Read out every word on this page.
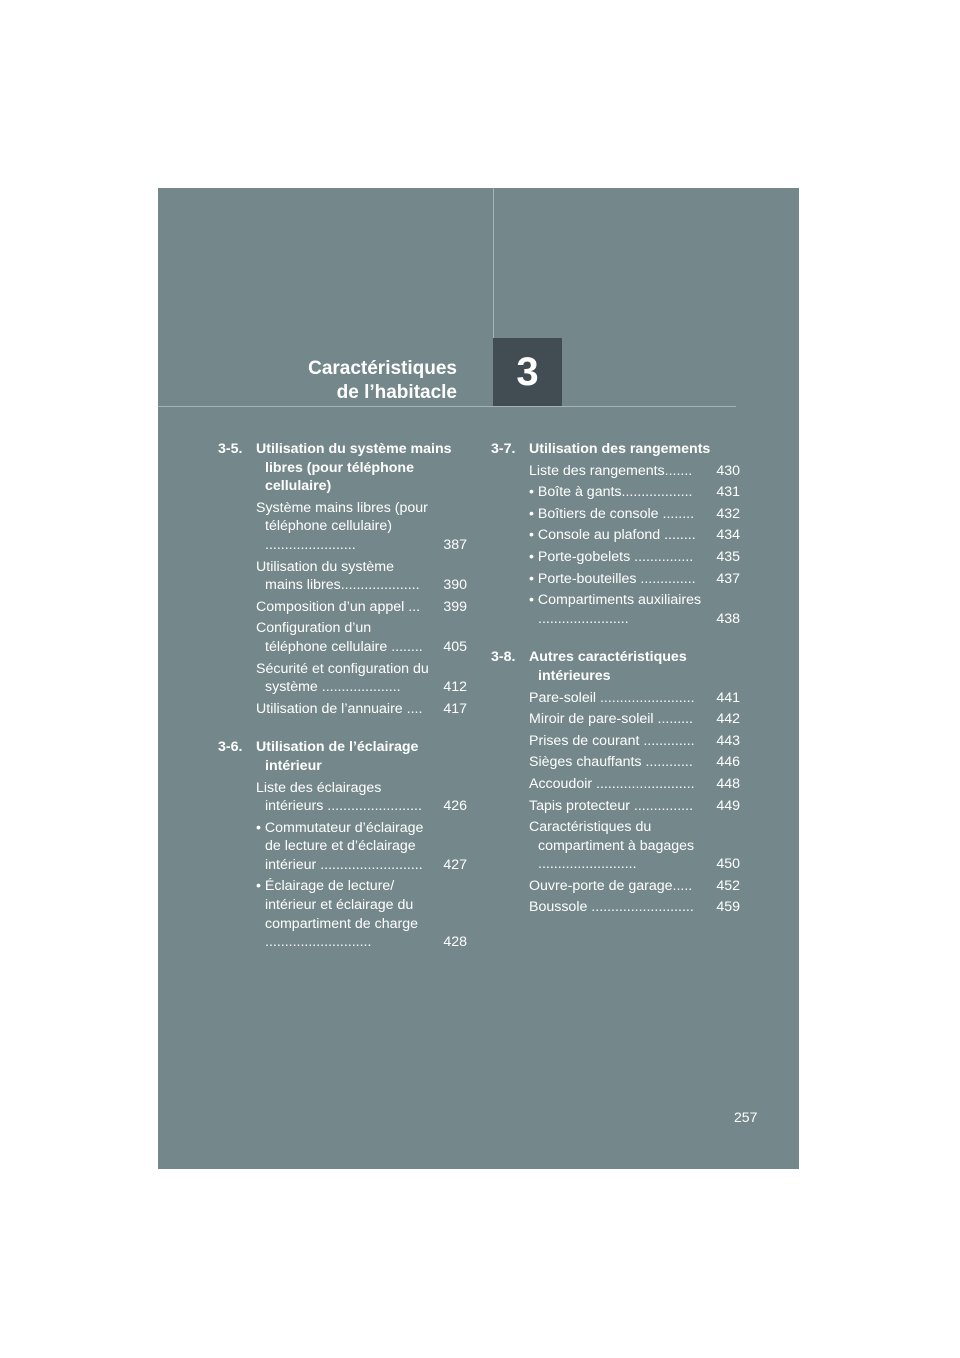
Caractéristiques
de l’habitacle 3
3-5. Utilisation du système mains libres (pour téléphone cellulaire)
Système mains libres (pour téléphone cellulaire) .......................	387
Utilisation du système mains libres....................	390
Composition d’un appel ...	399
Configuration d’un téléphone cellulaire ........	405
Sécurité et configuration du système ....................	412
Utilisation de l’annuaire ....	417
3-6. Utilisation de l’éclairage intérieur
Liste des éclairages intérieurs ........................	426
• Commutateur d’éclairage de lecture et d’éclairage intérieur ..........................	427
• Éclairage de lecture/ intérieur et éclairage du compartiment de charge ...........................	428
3-7. Utilisation des rangements
Liste des rangements.......	430
• Boîte à gants..................	431
• Boîtiers de console ........	432
• Console au plafond ........	434
• Porte-gobelets ...............	435
• Porte-bouteilles ..............	437
• Compartiments auxiliaires .......................	438
3-8. Autres caractéristiques intérieures
Pare-soleil ........................	441
Miroir de pare-soleil .........	442
Prises de courant .............	443
Sièges chauffants ............	446
Accoudoir .........................	448
Tapis protecteur ...............	449
Caractéristiques du compartiment à bagages .........................	450
Ouvre-porte de garage.....	452
Boussole ..........................	459
257
